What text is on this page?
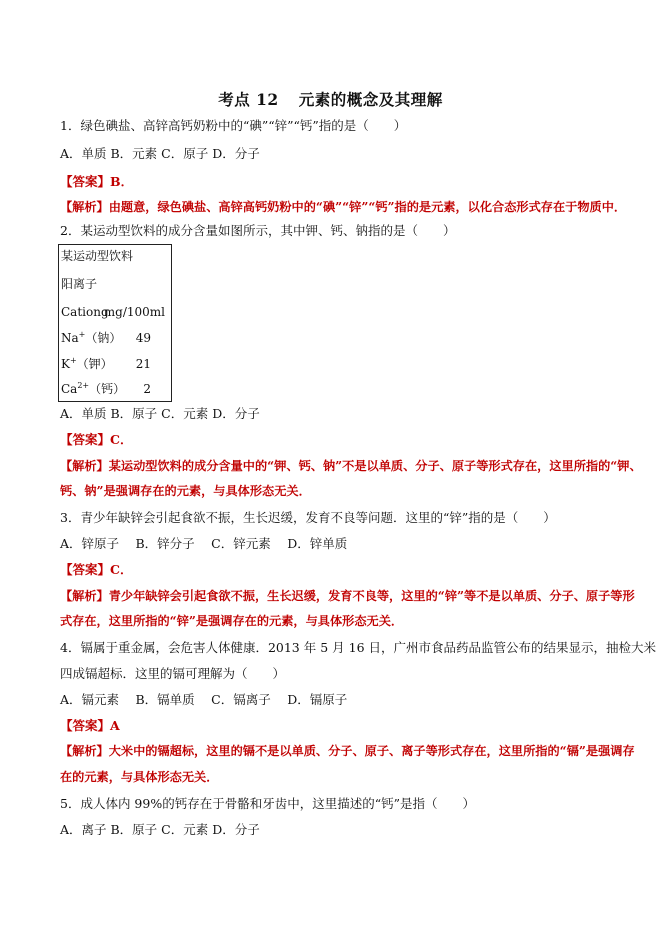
考点 12 元素的概念及其理解
1．绿色碘盐、高锌高钙奶粉中的“碘”“锌”“钙”指的是（　　）
A．单质 B．元素 C．原子 D．分子
【答案】B．
【解析】由题意，绿色碘盐、高锌高钙奶粉中的“碘”“锌”“钙”指的是元素，以化合态形式存在于物质中．
2．某运动型饮料的成分含量如图所示，其中钾、钙、钠指的是（　　）
某运动型饮料
阳离子
Cationg
mg/100ml
Na+（钠） 49
K+（钾） 21
$Ca^{2+}$（钙） 2
A．单质 B．原子 C．元素 D．分子
【答案】C．
【解析】某运动型饮料的成分含量中的“钾、钙、钠”不是以单质、分子、原子等形式存在，这里所指的“钾、
钙、钠”是强调存在的元素，与具体形态无关．
3．青少年缺锌会引起食欲不振，生长迟缓，发育不良等问题．这里的“锌”指的是（　　）
A．锌原子　 B．锌分子　 C．锌元素　 D．锌单质
【答案】C．
【解析】青少年缺锌会引起食欲不振，生长迟缓，发育不良等，这里的“锌”等不是以单质、分子、原子等形
式存在，这里所指的“锌”是强调存在的元素，与具体形态无关．
4．镉属于重金属，会危害人体健康．2013 年 5 月 16 日，广州市食品药品监管公布的结果显示，抽检大米
四成镉超标．这里的镉可理解为（　　）
A．镉元素　 B．镉单质　 C．镉离子　 D．镉原子
【答案】A
【解析】大米中的镉超标，这里的镉不是以单质、分子、原子、离子等形式存在，这里所指的“镉”是强调存
在的元素，与具体形态无关．
5．成人体内 99%的钙存在于骨骼和牙齿中，这里描述的“钙”是指（　　）
A．离子 B．原子 C．元素 D．分子
